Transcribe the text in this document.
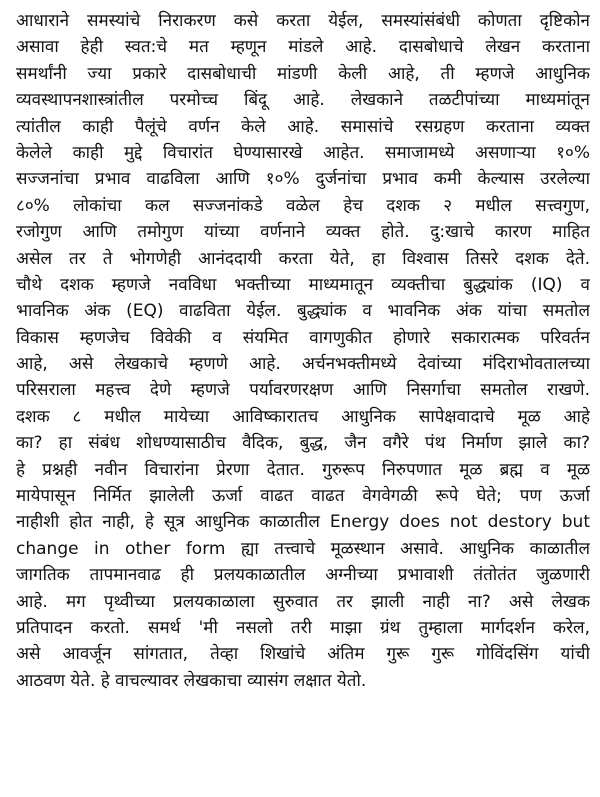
आधाराने समस्यांचे निराकरण कसे करता येईल, समस्यांसंबंधी कोणता दृष्टिकोन
असावा हेही स्वत:चे मत म्हणून मांडले आहे. दासबोधाचे लेखन करताना
समर्थांनी ज्या प्रकारे दासबोधाची मांडणी केली आहे, ती म्हणजे आधुनिक
व्यवस्थापनशास्त्रांतील परमोच्च बिंदू आहे. लेखकाने तळटीपांच्या माध्यमांतून
त्यांतील काही पैलूंचे वर्णन केले आहे. समासांचे रसग्रहण करताना व्यक्त
केलेले काही मुद्दे विचारांत घेण्यासारखे आहेत. समाजामध्ये असणाऱ्या १०%
सज्जनांचा प्रभाव वाढविला आणि १०% दुर्जनांचा प्रभाव कमी केल्यास उरलेल्या
८०% लोकांचा कल सज्जनांकडे वळेल हेच दशक २ मधील सत्त्वगुण,
रजोगुण आणि तमोगुण यांच्या वर्णनाने व्यक्त होते. दु:खाचे कारण माहित
असेल तर ते भोगणेही आनंददायी करता येते, हा विश्वास तिसरे दशक देते.
चौथे दशक म्हणजे नवविधा भक्तीच्या माध्यमातून व्यक्तीचा बुद्ध्यांक (IQ) व
भावनिक अंक (EQ) वाढविता येईल. बुद्ध्यांक व भावनिक अंक यांचा समतोल
विकास म्हणजेच विवेकी व संयमित वागणुकीत होणारे सकारात्मक परिवर्तन
आहे, असे लेखकाचे म्हणणे आहे. अर्चनभक्तीमध्ये देवांच्या मंदिराभोवतालच्या
परिसराला महत्त्व देणे म्हणजे पर्यावरणरक्षण आणि निसर्गाचा समतोल राखणे.
दशक ८ मधील मायेच्या आविष्कारातच आधुनिक सापेक्षवादाचे मूळ आहे
का? हा संबंध शोधण्यासाठीच वैदिक, बुद्ध, जैन वगैरे पंथ निर्माण झाले का?
हे प्रश्नही नवीन विचारांना प्रेरणा देतात. गुरुरूप निरुपणात मूळ ब्रह्म व मूळ
मायेपासून निर्मित झालेली ऊर्जा वाढत वाढत वेगवेगळी रूपे घेते; पण ऊर्जा
नाहीशी होत नाही, हे सूत्र आधुनिक काळातील Energy does not destory but
change in other form ह्या तत्त्वाचे मूळस्थान असावे. आधुनिक काळातील
जागतिक तापमानवाढ ही प्रलयकाळातील अग्नीच्या प्रभावाशी तंतोतंत जुळणारी
आहे. मग पृथ्वीच्या प्रलयकाळाला सुरुवात तर झाली नाही ना? असे लेखक
प्रतिपादन करतो. समर्थ 'मी नसलो तरी माझा ग्रंथ तुम्हाला मार्गदर्शन करेल,
असे आवर्जून सांगतात, तेव्हा शिखांचे अंतिम गुरू गुरू गोविंदसिंग यांची
आठवण येते. हे वाचल्यावर लेखकाचा व्यासंग लक्षात येतो.
